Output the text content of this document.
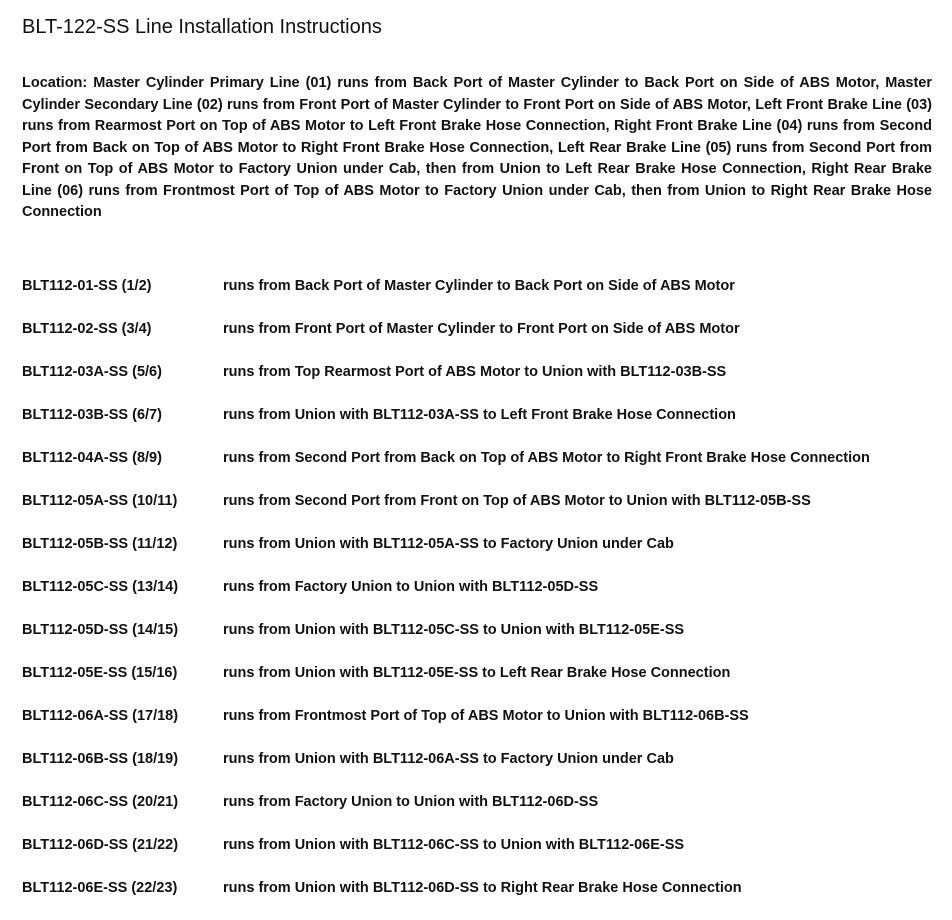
BLT-122-SS Line Installation Instructions
Location: Master Cylinder Primary Line (01) runs from Back Port of Master Cylinder to Back Port on Side of ABS Motor, Master Cylinder Secondary Line (02) runs from Front Port of Master Cylinder to Front Port on Side of ABS Motor, Left Front Brake Line (03) runs from Rearmost Port on Top of ABS Motor to Left Front Brake Hose Connection, Right Front Brake Line (04) runs from Second Port from Back on Top of ABS Motor to Right Front Brake Hose Connection, Left Rear Brake Line (05) runs from Second Port from Front on Top of ABS Motor to Factory Union under Cab, then from Union to Left Rear Brake Hose Connection, Right Rear Brake Line (06) runs from Frontmost Port of Top of ABS Motor to Factory Union under Cab, then from Union to Right Rear Brake Hose Connection
BLT112-01-SS (1/2)	runs from Back Port of Master Cylinder to Back Port on Side of ABS Motor
BLT112-02-SS (3/4)	runs from Front Port of Master Cylinder to Front Port on Side of ABS Motor
BLT112-03A-SS (5/6)	runs from Top Rearmost Port of ABS Motor to Union with BLT112-03B-SS
BLT112-03B-SS (6/7)	runs from Union with BLT112-03A-SS to Left Front Brake Hose Connection
BLT112-04A-SS (8/9)	runs from Second Port from Back on Top of ABS Motor to Right Front Brake Hose Connection
BLT112-05A-SS (10/11)	runs from Second Port from Front on Top of ABS Motor to Union with BLT112-05B-SS
BLT112-05B-SS (11/12)	runs from Union with BLT112-05A-SS to Factory Union under Cab
BLT112-05C-SS (13/14)	runs from Factory Union to Union with BLT112-05D-SS
BLT112-05D-SS (14/15)	runs from Union with BLT112-05C-SS to Union with BLT112-05E-SS
BLT112-05E-SS (15/16)	runs from Union with BLT112-05E-SS to Left Rear Brake Hose Connection
BLT112-06A-SS (17/18)	runs from Frontmost Port of Top of ABS Motor to Union with BLT112-06B-SS
BLT112-06B-SS (18/19)	runs from Union with BLT112-06A-SS to Factory Union under Cab
BLT112-06C-SS (20/21)	runs from Factory Union to Union with BLT112-06D-SS
BLT112-06D-SS (21/22)	runs from Union with BLT112-06C-SS to Union with BLT112-06E-SS
BLT112-06E-SS (22/23)	runs from Union with BLT112-06D-SS to Right Rear Brake Hose Connection
